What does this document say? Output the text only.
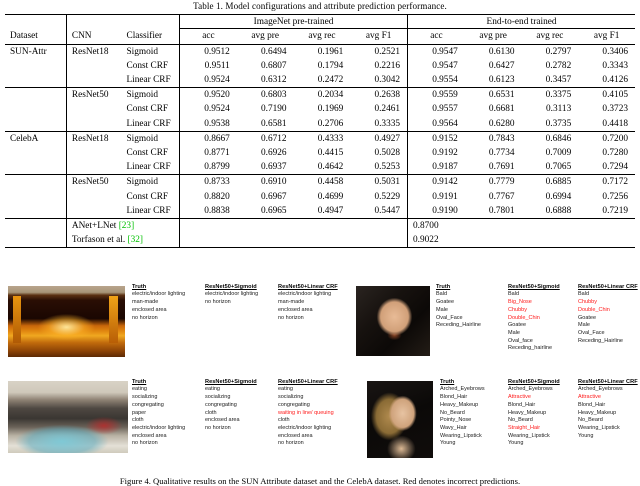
Table 1. Model configurations and attribute prediction performance.
			ImageNet pre-trained				End-to-end trained			
Dataset	CNN	Classifier	acc	avg pre	avg rec	avg F1	acc	avg pre	avg rec	avg F1
SUN-Attr	ResNet18	Sigmoid	0.9512	0.6494	0.1961	0.2521	0.9547	0.6130	0.2797	0.3406
		Const CRF	0.9511	0.6807	0.1794	0.2216	0.9547	0.6427	0.2782	0.3343
		Linear CRF	0.9524	0.6312	0.2472	0.3042	0.9554	0.6123	0.3457	0.4126
	ResNet50	Sigmoid	0.9520	0.6803	0.2034	0.2638	0.9559	0.6531	0.3375	0.4105
		Const CRF	0.9524	0.7190	0.1969	0.2461	0.9557	0.6681	0.3113	0.3723
		Linear CRF	0.9538	0.6581	0.2706	0.3335	0.9564	0.6280	0.3735	0.4418
CelebA	ResNet18	Sigmoid	0.8667	0.6712	0.4333	0.4927	0.9152	0.7843	0.6846	0.7200
		Const CRF	0.8771	0.6926	0.4415	0.5028	0.9192	0.7734	0.7009	0.7280
		Linear CRF	0.8799	0.6937	0.4642	0.5253	0.9187	0.7691	0.7065	0.7294
	ResNet50	Sigmoid	0.8733	0.6910	0.4458	0.5031	0.9142	0.7779	0.6885	0.7172
		Const CRF	0.8820	0.6967	0.4699	0.5229	0.9191	0.7767	0.6994	0.7256
		Linear CRF	0.8838	0.6965	0.4947	0.5447	0.9190	0.7801	0.6888	0.7219
	ANet+LNet [23]						0.8700			
	Torfason et al. [32]						0.9022			
Truth
electric/indoor lighting
man-made
enclosed area
no horizon
ResNet50+Sigmoid
electric/indoor lighting
no horizon
ResNet50+Linear CRF
electric/indoor lighting
man-made
enclosed area
no horizon
Truth
Bald
Goatee
Male
Oval_Face
Receding_Hairline
ResNet50+Sigmoid
Bald
Big_Nose
Chubby
Double_Chin
Goatee
Male
Oval_face
Receding_hairline
ResNet50+Linear CRF
Bald
Chubby
Double_Chin
Goatee
Male
Oval_Face
Receding_Hairline
Truth
eating
socializing
congregating
paper
cloth
electric/indoor lighting
enclosed area
no horizon
ResNet50+Sigmoid
eating
socializing
congregating
cloth
enclosed area
no horizon
ResNet50+Linear CRF
eating
socializing
congregating
waiting in line/ queuing
cloth
electric/indoor lighting
enclosed area
no horizon
Truth
Arched_Eyebrows
Blond_Hair
Heavy_Makeup
No_Beard
Pointy_Nose
Wavy_Hair
Wearing_Lipstick
Young
ResNet50+Sigmoid
Arched_Eyebrows
Attractive
Blond_Hair
Heavy_Makeup
No_Beard
Straight_Hair
Wearing_Lipstick
Young
ResNet50+Linear CRF
Arched_Eyebrows
Attractive
Blond_Hair
Heavy_Makeup
No_Beard
Wearing_Lipstick
Young
Figure 4. Qualitative results on the SUN Attribute dataset and the CelebA dataset. Red denotes incorrect predictions.
